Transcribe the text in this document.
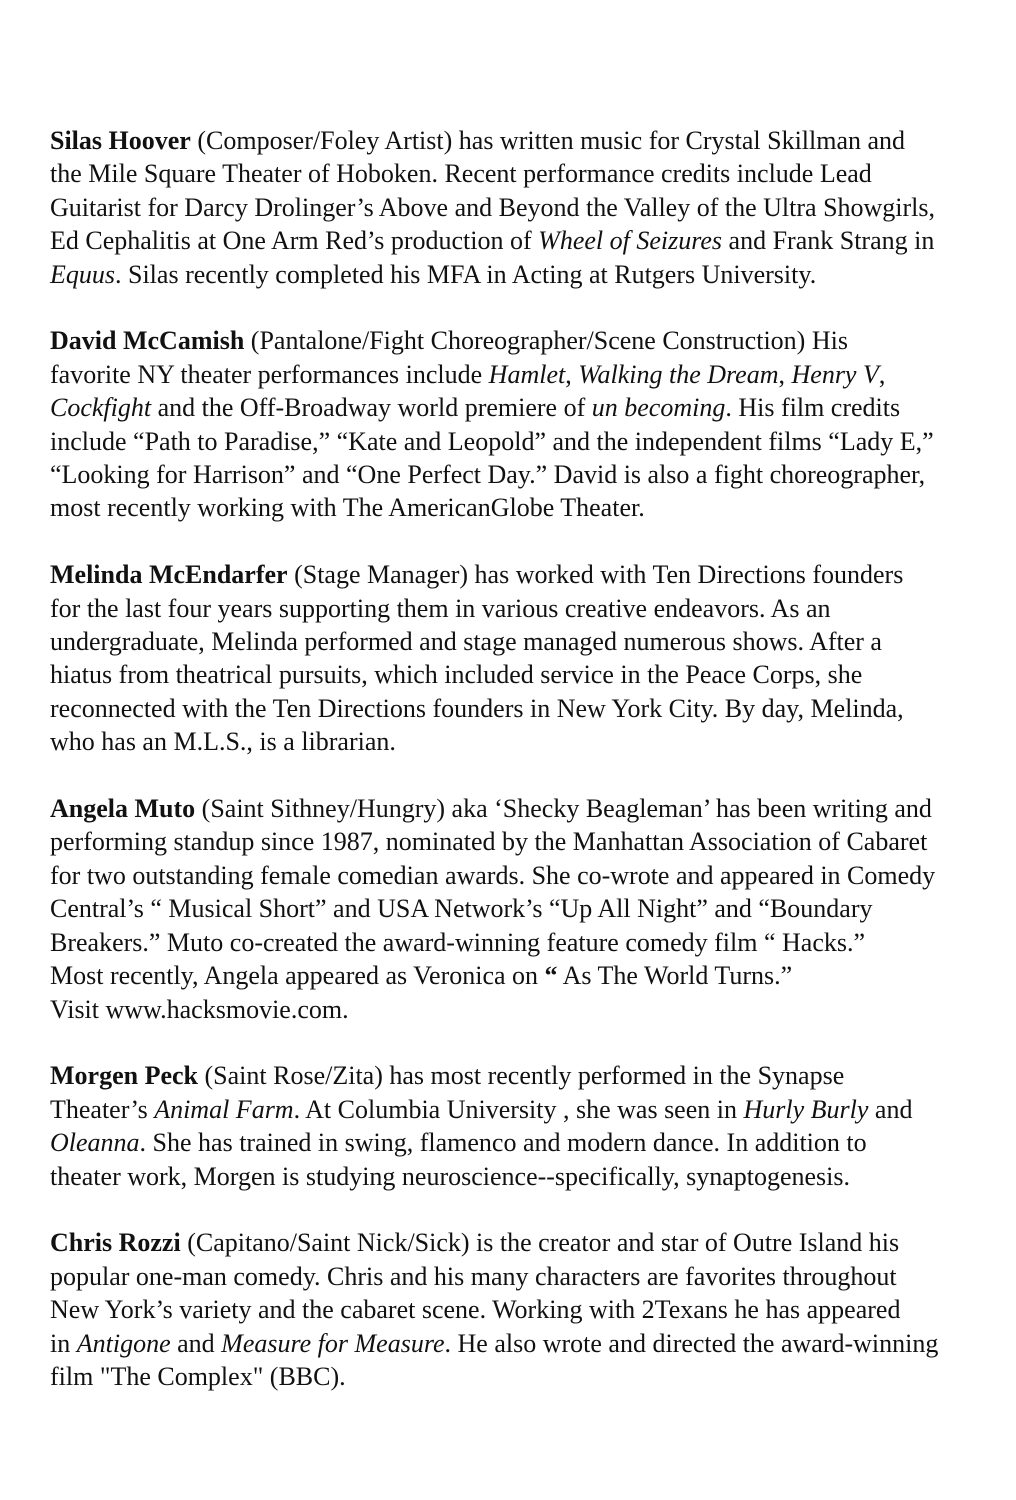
Silas Hoover (Composer/Foley Artist) has written music for Crystal Skillman and
the Mile Square Theater of Hoboken. Recent performance credits include Lead
Guitarist for Darcy Drolinger’s Above and Beyond the Valley of the Ultra Showgirls,
Ed Cephalitis at One Arm Red’s production of Wheel of Seizures and Frank Strang in
Equus. Silas recently completed his MFA in Acting at Rutgers University.
David McCamish (Pantalone/Fight Choreographer/Scene Construction) His
favorite NY theater performances include Hamlet, Walking the Dream, Henry V,
Cockfight and the Off-Broadway world premiere of un becoming. His film credits
include “Path to Paradise,” “Kate and Leopold” and the independent films “Lady E,”
“Looking for Harrison” and “One Perfect Day.” David is also a fight choreographer,
most recently working with The AmericanGlobe Theater.
Melinda McEndarfer (Stage Manager) has worked with Ten Directions founders
for the last four years supporting them in various creative endeavors. As an
undergraduate, Melinda performed and stage managed numerous shows. After a
hiatus from theatrical pursuits, which included service in the Peace Corps, she
reconnected with the Ten Directions founders in New York City. By day, Melinda,
who has an M.L.S., is a librarian.
Angela Muto (Saint Sithney/Hungry) aka ‘Shecky Beagleman’ has been writing and
performing standup since 1987, nominated by the Manhattan Association of Cabaret
for two outstanding female comedian awards. She co-wrote and appeared in Comedy
Central’s “ Musical Short” and USA Network’s “Up All Night” and “Boundary
Breakers.” Muto co-created the award-winning feature comedy film “ Hacks.”
Most recently, Angela appeared as Veronica on “ As The World Turns.”
Visit www.hacksmovie.com.
Morgen Peck (Saint Rose/Zita) has most recently performed in the Synapse
Theater’s Animal Farm. At Columbia University , she was seen in Hurly Burly and
Oleanna. She has trained in swing, flamenco and modern dance. In addition to
theater work, Morgen is studying neuroscience--specifically, synaptogenesis.
Chris Rozzi (Capitano/Saint Nick/Sick) is the creator and star of Outre Island his
popular one-man comedy. Chris and his many characters are favorites throughout
New York’s variety and the cabaret scene. Working with 2Texans he has appeared
in Antigone and Measure for Measure. He also wrote and directed the award-winning
film "The Complex" (BBC).
